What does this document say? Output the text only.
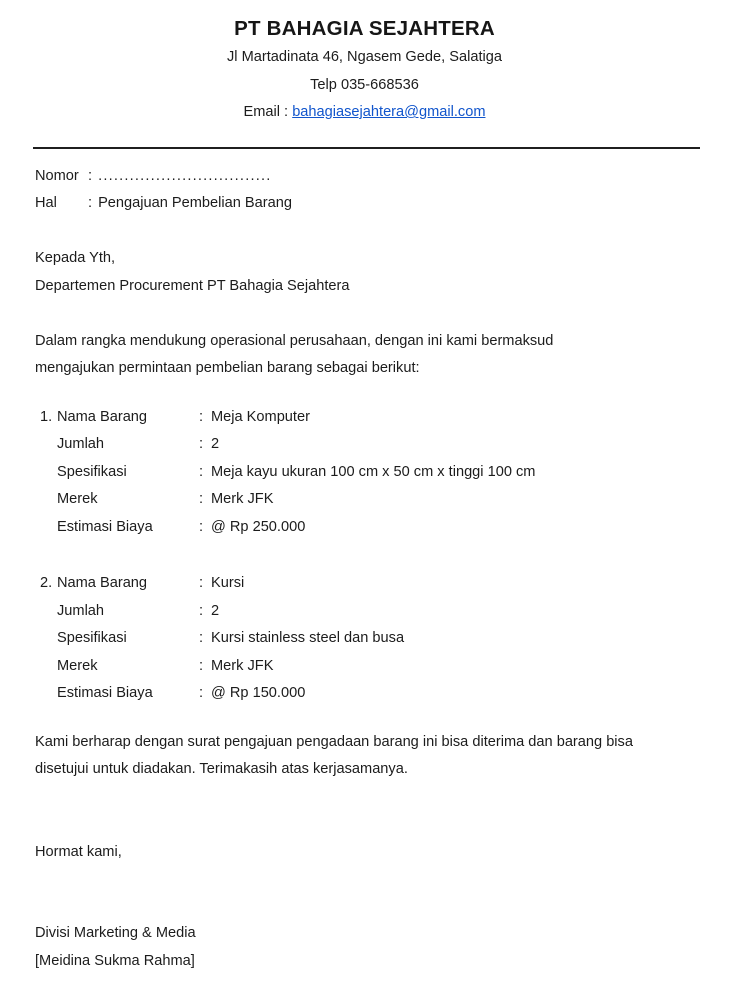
PT BAHAGIA SEJAHTERA

Jl Martadinata 46, Ngasem Gede, Salatiga

Telp 035-668536

Email : bahagiasejahtera@gmail.com

Nomor : .................................

Hal : Pengajuan Pembelian Barang

Kepada Yth,

Departemen Procurement PT Bahagia Sejahtera

Dalam rangka mendukung operasional perusahaan, dengan ini kami bermaksud

mengajukan permintaan pembelian barang sebagai berikut:

1. Nama Barang	: Meja Komputer
Jumlah	: 2
Spesifikasi	: Meja kayu ukuran 100 cm x 50 cm x tinggi 100 cm
Merek	: Merk JFK
Estimasi Biaya	: @ Rp 250.000
2. Nama Barang	: Kursi
Jumlah	: 2
Spesifikasi	: Kursi stainless steel dan busa
Merek	: Merk JFK
Estimasi Biaya	: @ Rp 150.000

Kami berharap dengan surat pengajuan pengadaan barang ini bisa diterima dan barang bisa

disetujui untuk diadakan. Terimakasih atas kerjasamanya.

Hormat kami,

Divisi Marketing & Media

[Meidina Sukma Rahma]
